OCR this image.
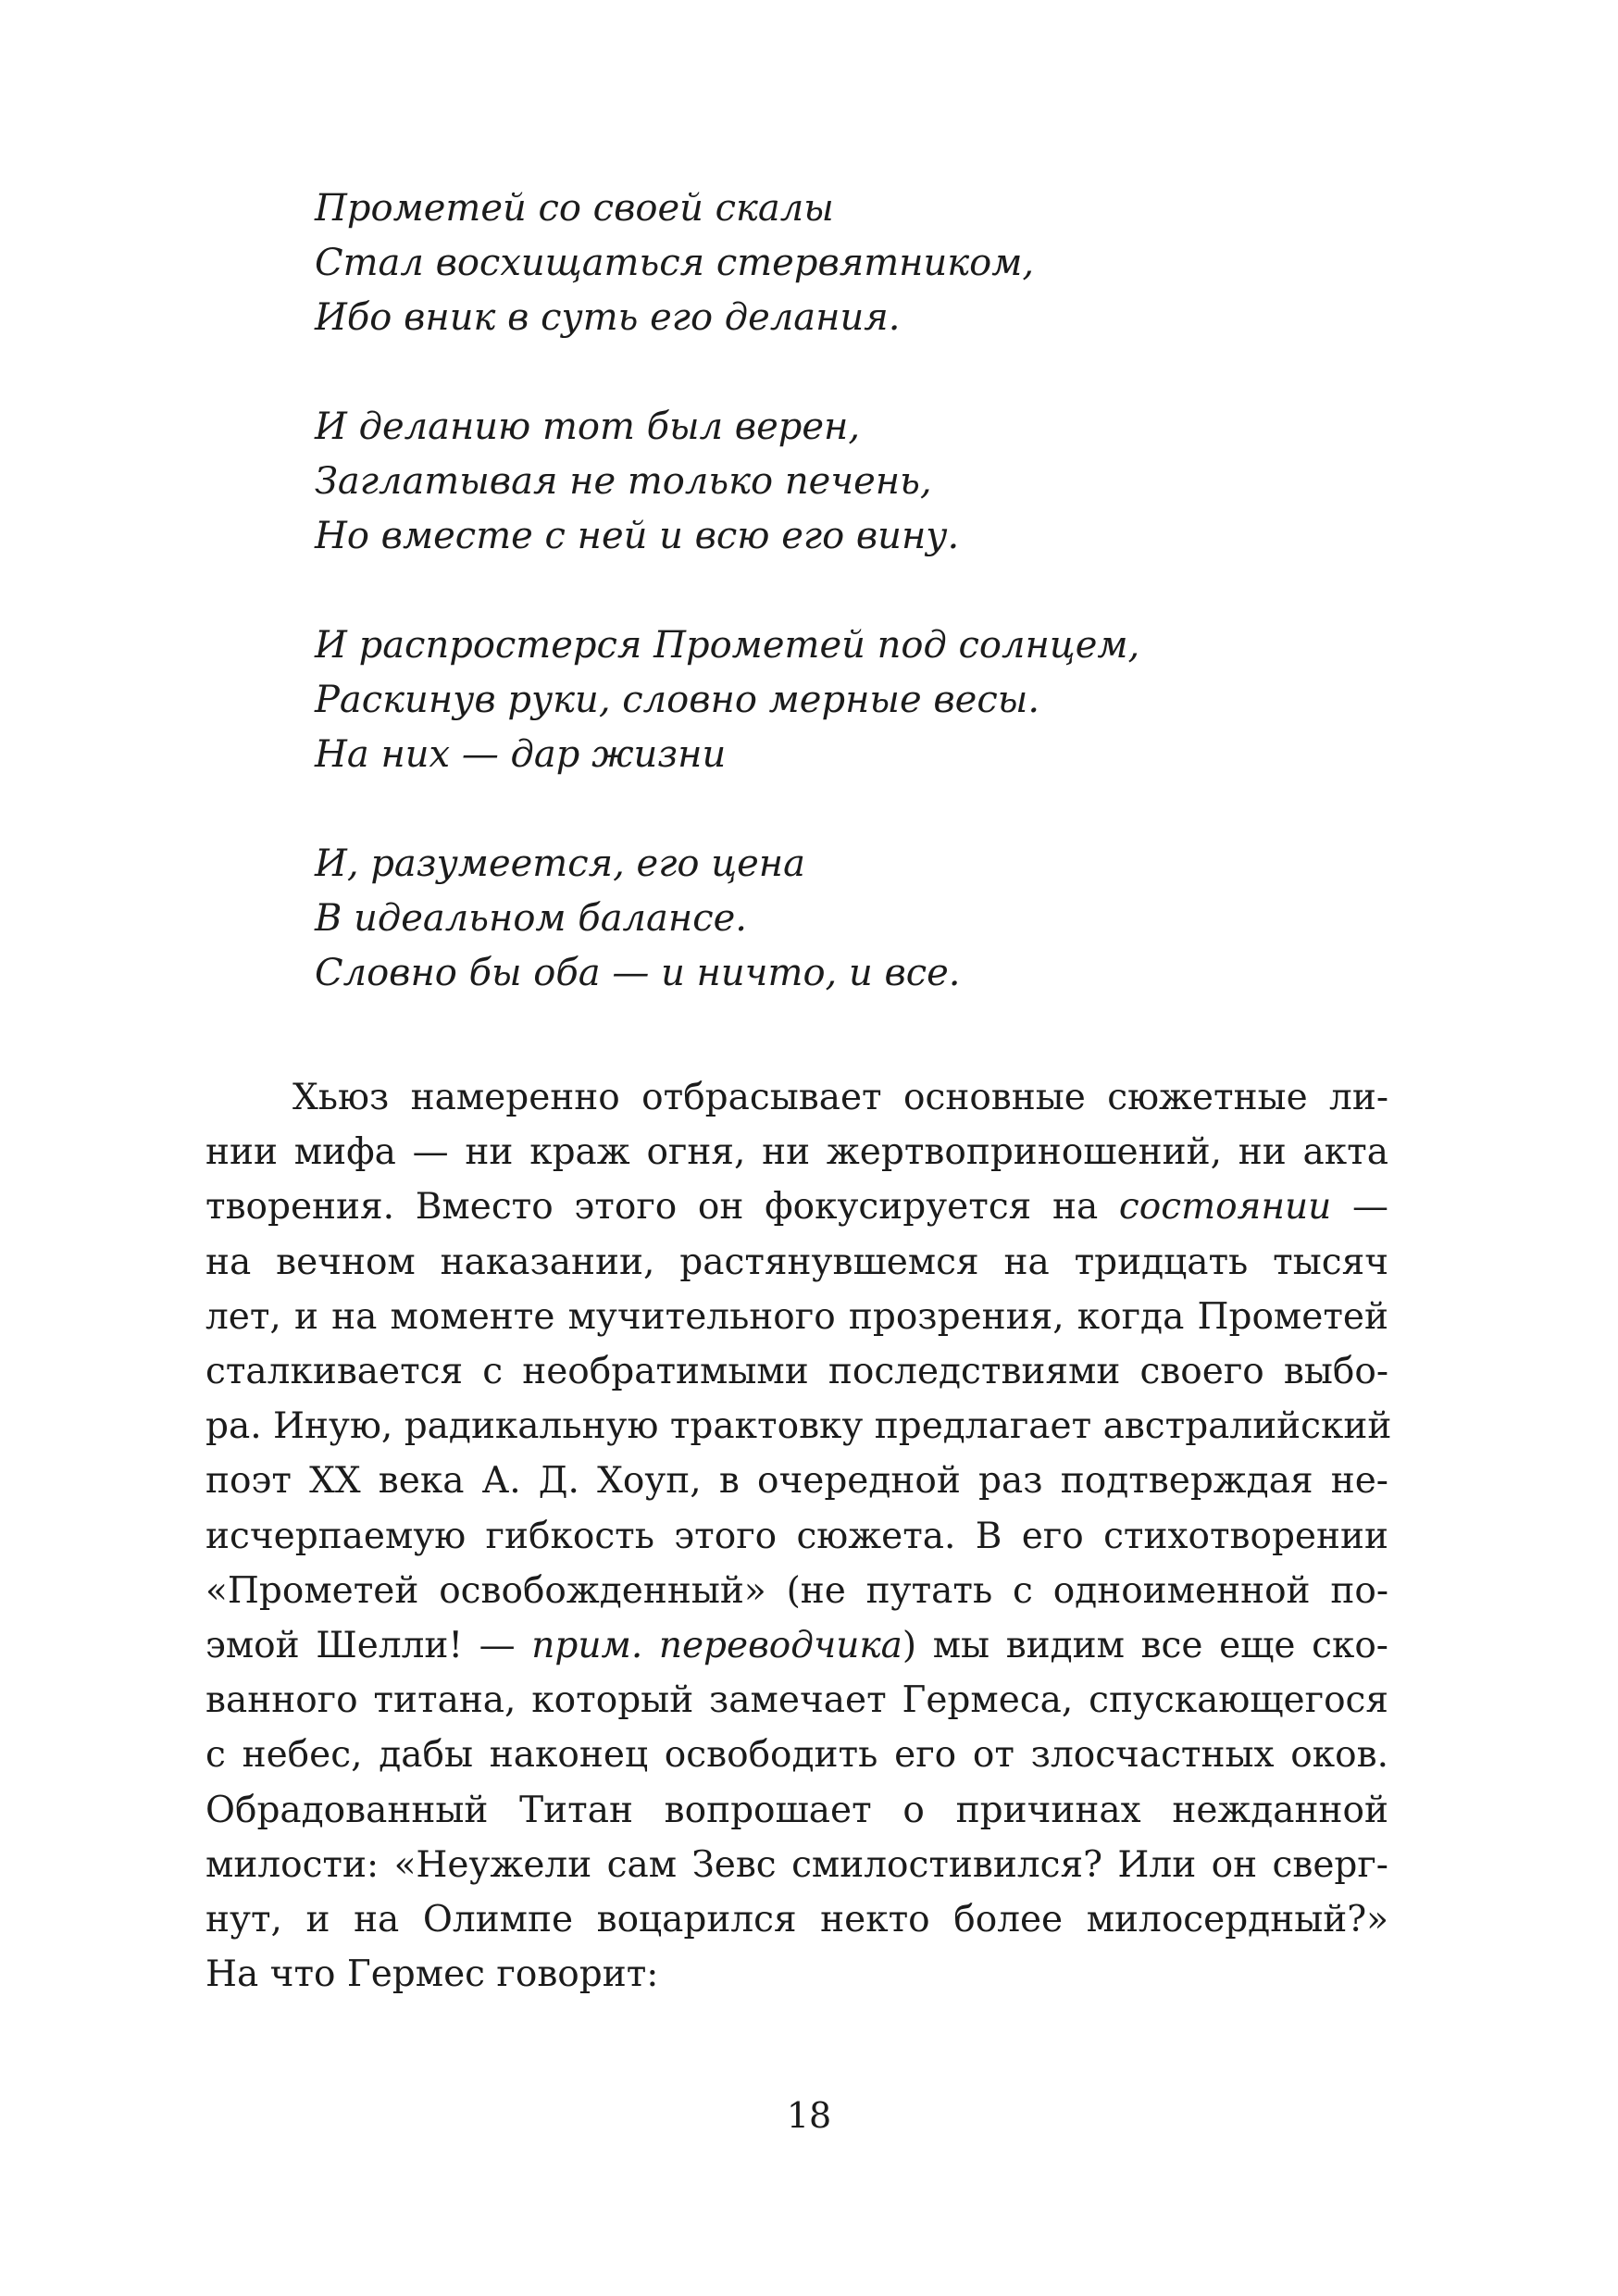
Прометей со своей скалы
Стал восхищаться стервятником,
Ибо вник в суть его делания.
И деланию тот был верен,
Заглатывая не только печень,
Но вместе с ней и всю его вину.
И распростерся Прометей под солнцем,
Раскинув руки, словно мерные весы.
На них — дар жизни
И, разумеется, его цена
В идеальном балансе.
Словно бы оба — и ничто, и все.
Хьюз намеренно отбрасывает основные сюжетные ли-
нии мифа — ни краж огня, ни жертвоприношений, ни акта
творения. Вместо этого он фокусируется на состоянии —
на вечном наказании, растянувшемся на тридцать тысяч
лет, и на моменте мучительного прозрения, когда Прометей
сталкивается с необратимыми последствиями своего выбо-
ра. Иную, радикальную трактовку предлагает австралийский
поэт XX века А. Д. Хоуп, в очередной раз подтверждая не-
исчерпаемую гибкость этого сюжета. В его стихотворении
«Прометей освобожденный» (не путать с одноименной по-
эмой Шелли! — прим. переводчика) мы видим все еще ско-
ванного титана, который замечает Гермеса, спускающегося
с небес, дабы наконец освободить его от злосчастных оков.
Обрадованный Титан вопрошает о причинах нежданной
милости: «Неужели сам Зевс смилостивился? Или он сверг-
нут, и на Олимпе воцарился некто более милосердный?»
На что Гермес говорит:
18
